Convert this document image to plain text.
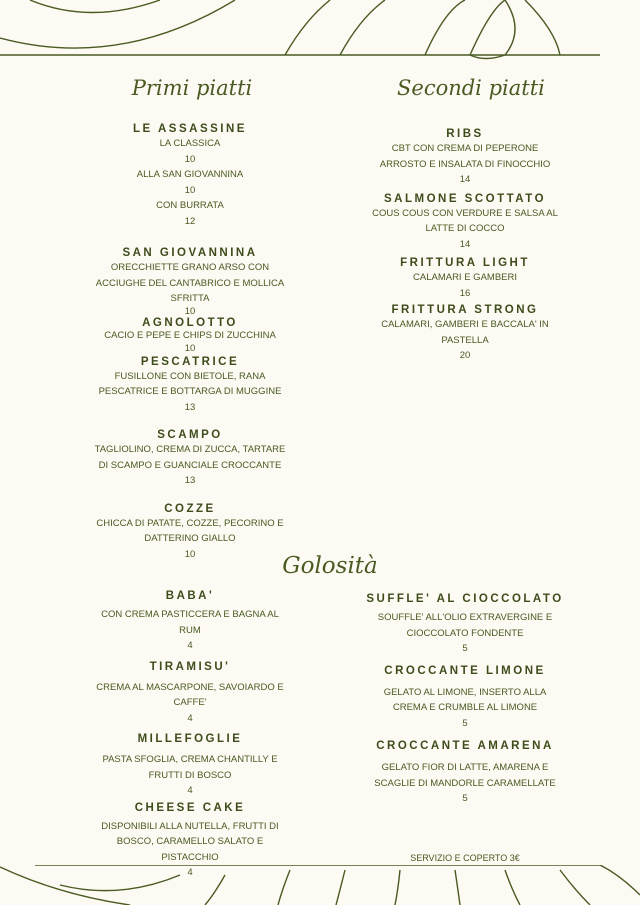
Primi piatti
LE ASSASSINE
LA CLASSICA
10
ALLA SAN GIOVANNINA
10
CON BURRATA
12
SAN GIOVANNINA
ORECCHIETTE GRANO ARSO CON
ACCIUGHE DEL CANTABRICO E MOLLICA
SFRITTA
10
AGNOLOTTO
CACIO E PEPE E CHIPS DI ZUCCHINA
10
PESCATRICE
FUSILLONE CON BIETOLE, RANA
PESCATRICE E BOTTARGA DI MUGGINE
13
SCAMPO
TAGLIOLINO, CREMA DI ZUCCA, TARTARE
DI SCAMPO E GUANCIALE CROCCANTE
13
COZZE
CHICCA DI PATATE, COZZE, PECORINO E
DATTERINO GIALLO
10
Secondi piatti
RIBS
CBT CON CREMA DI PEPERONE
ARROSTO E INSALATA DI FINOCCHIO
14
SALMONE SCOTTATO
COUS COUS CON VERDURE E SALSA AL
LATTE DI COCCO
14
FRITTURA LIGHT
CALAMARI E GAMBERI
16
FRITTURA STRONG
CALAMARI, GAMBERI E BACCALA' IN
PASTELLA
20
Golosità
BABA'
CON CREMA PASTICCERA E BAGNA AL
RUM
4
TIRAMISU'
CREMA AL MASCARPONE, SAVOIARDO E
CAFFE'
4
MILLEFOGLIE
PASTA SFOGLIA, CREMA CHANTILLY E
FRUTTI DI BOSCO
4
CHEESE CAKE
DISPONIBILI ALLA NUTELLA, FRUTTI DI
BOSCO, CARAMELLO SALATO E
PISTACCHIO
4
SUFFLE' AL CIOCCOLATO
SOUFFLE' ALL'OLIO EXTRAVERGINE E
CIOCCOLATO FONDENTE
5
CROCCANTE LIMONE
GELATO AL LIMONE, INSERTO ALLA
CREMA E CRUMBLE AL LIMONE
5
CROCCANTE AMARENA
GELATO FIOR DI LATTE, AMARENA E
SCAGLIE DI MANDORLE CARAMELLATE
5
SERVIZIO E COPERTO 3€
